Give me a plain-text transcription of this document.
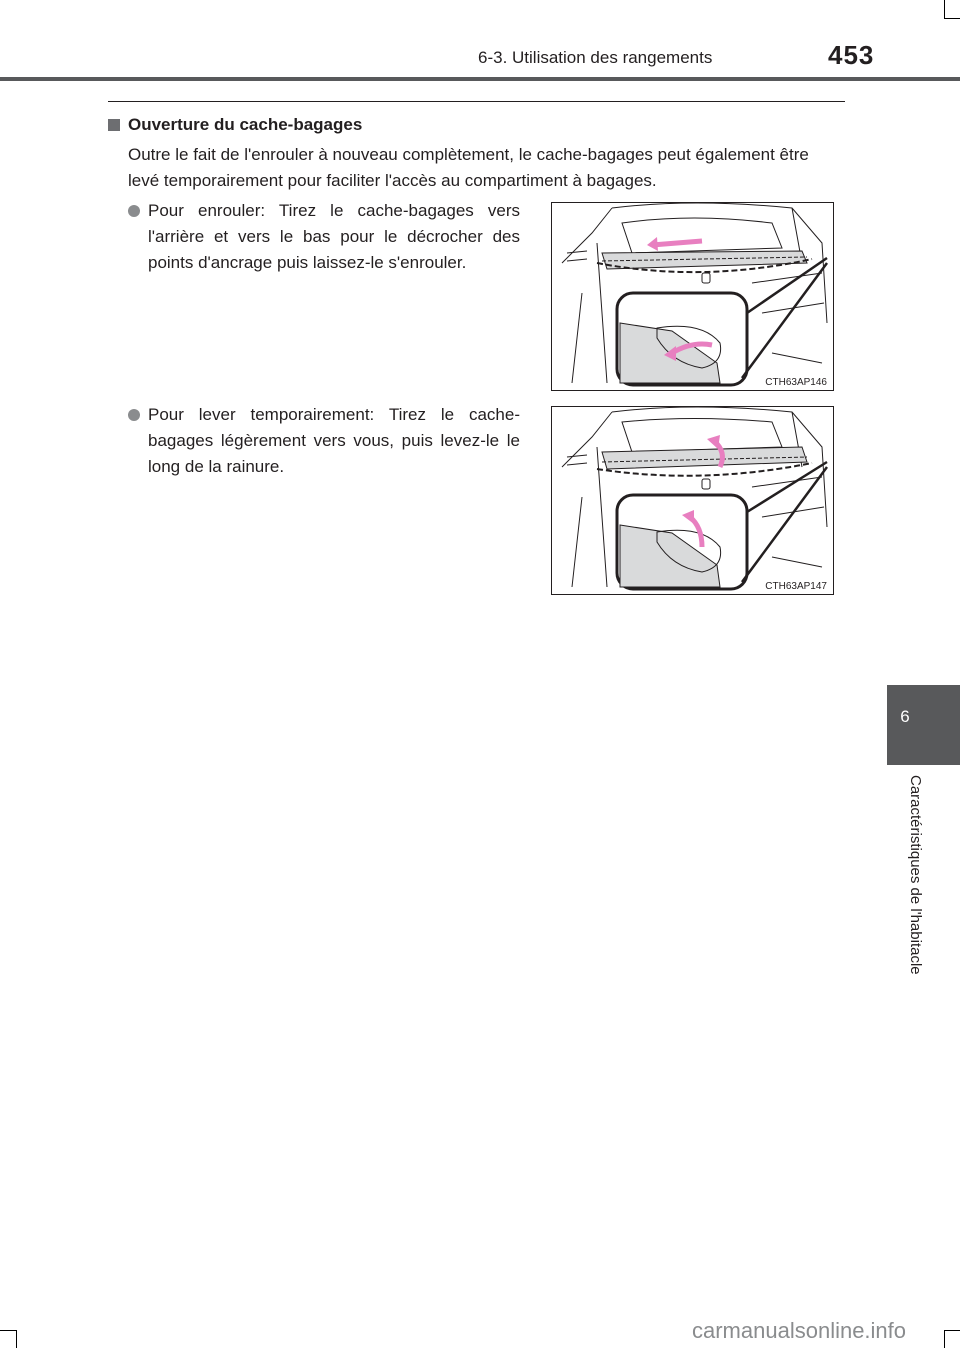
6-3. Utilisation des rangements	453
Ouverture du cache-bagages
Outre le fait de l'enrouler à nouveau complètement, le cache-bagages peut également être levé temporairement pour faciliter l'accès au compartiment à bagages.
Pour enrouler: Tirez le cache-bagages vers l'arrière et vers le bas pour le décrocher des points d'ancrage puis laissez-le s'enrouler.
Pour lever temporairement: Tirez le cache-bagages légèrement vers vous, puis levez-le le long de la rainure.
CTH63AP146
CTH63AP147
6
Caractéristiques de l'habitacle
carmanualsonline.info
